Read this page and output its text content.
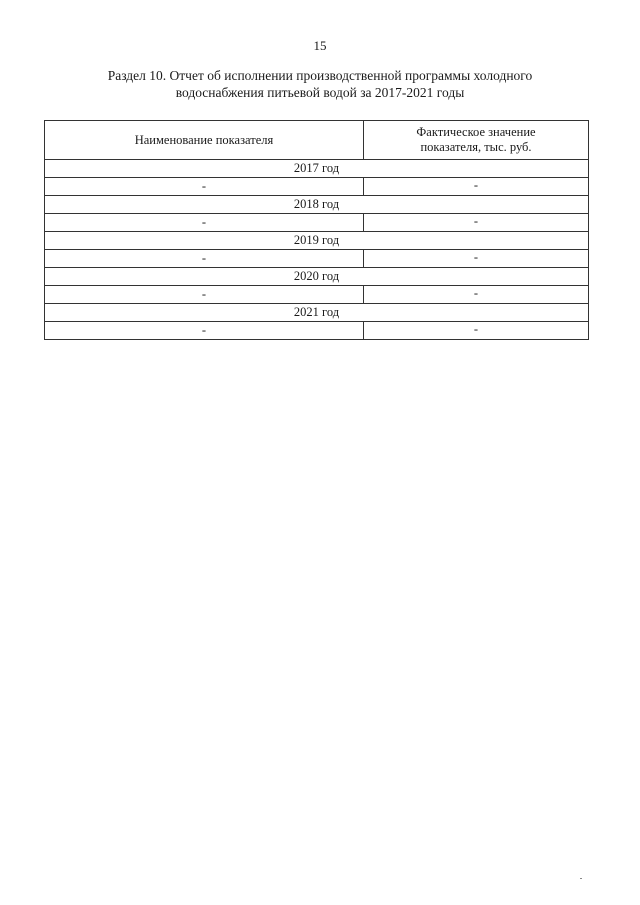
15
Раздел 10. Отчет об исполнении производственной программы холодного
водоснабжения питьевой водой за 2017-2021 годы
Наименование показателя	Фактическое значение
показателя, тыс. руб.

2017 год	
-	-
2018 год	
-	-
2019 год	
-	-
2020 год	
-	-
2021 год	
-	-
